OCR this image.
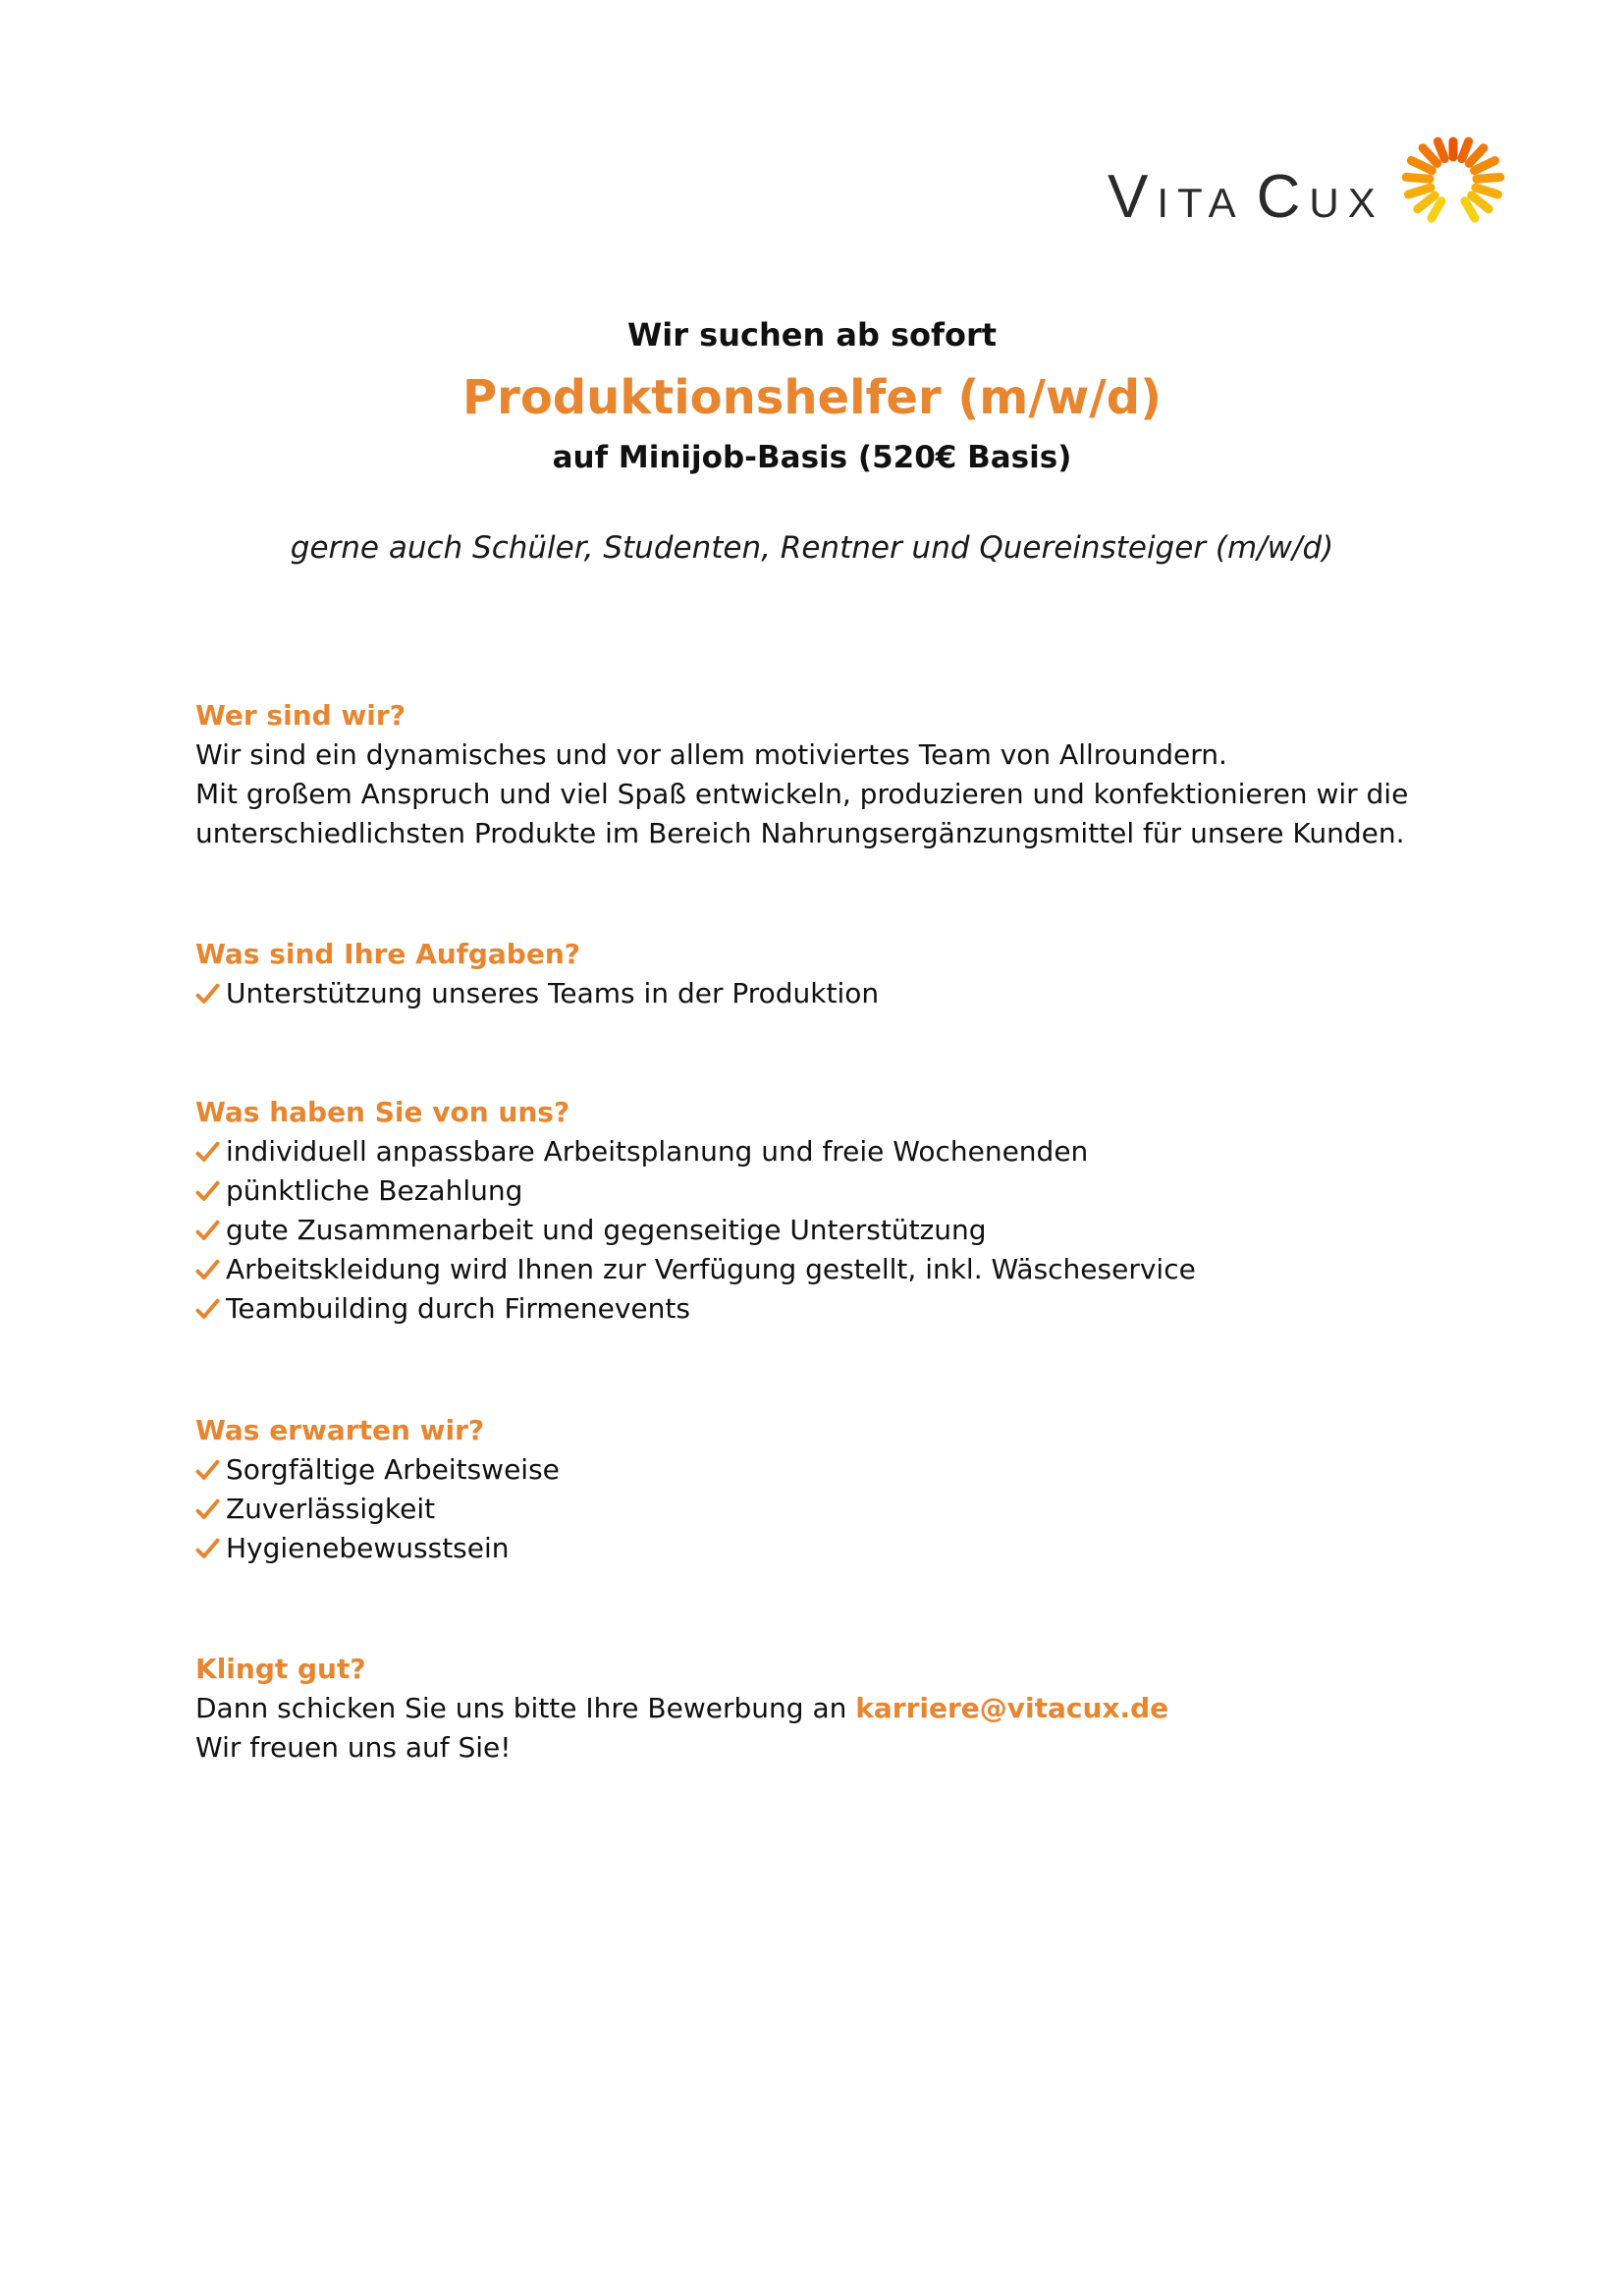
VITA CUX
Wir suchen ab sofort
Produktionshelfer (m/w/d)
auf Minijob-Basis (520€ Basis)
gerne auch Schüler, Studenten, Rentner und Quereinsteiger (m/w/d)
Wer sind wir?
Wir sind ein dynamisches und vor allem motiviertes Team von Allroundern.
Mit großem Anspruch und viel Spaß entwickeln, produzieren und konfektionieren wir die
unterschiedlichsten Produkte im Bereich Nahrungsergänzungsmittel für unsere Kunden.
Was sind Ihre Aufgaben?
Unterstützung unseres Teams in der Produktion
Was haben Sie von uns?
individuell anpassbare Arbeitsplanung und freie Wochenenden
pünktliche Bezahlung
gute Zusammenarbeit und gegenseitige Unterstützung
Arbeitskleidung wird Ihnen zur Verfügung gestellt, inkl. Wäscheservice
Teambuilding durch Firmenevents
Was erwarten wir?
Sorgfältige Arbeitsweise
Zuverlässigkeit
Hygienebewusstsein
Klingt gut?
Dann schicken Sie uns bitte Ihre Bewerbung an karriere@vitacux.de
Wir freuen uns auf Sie!
